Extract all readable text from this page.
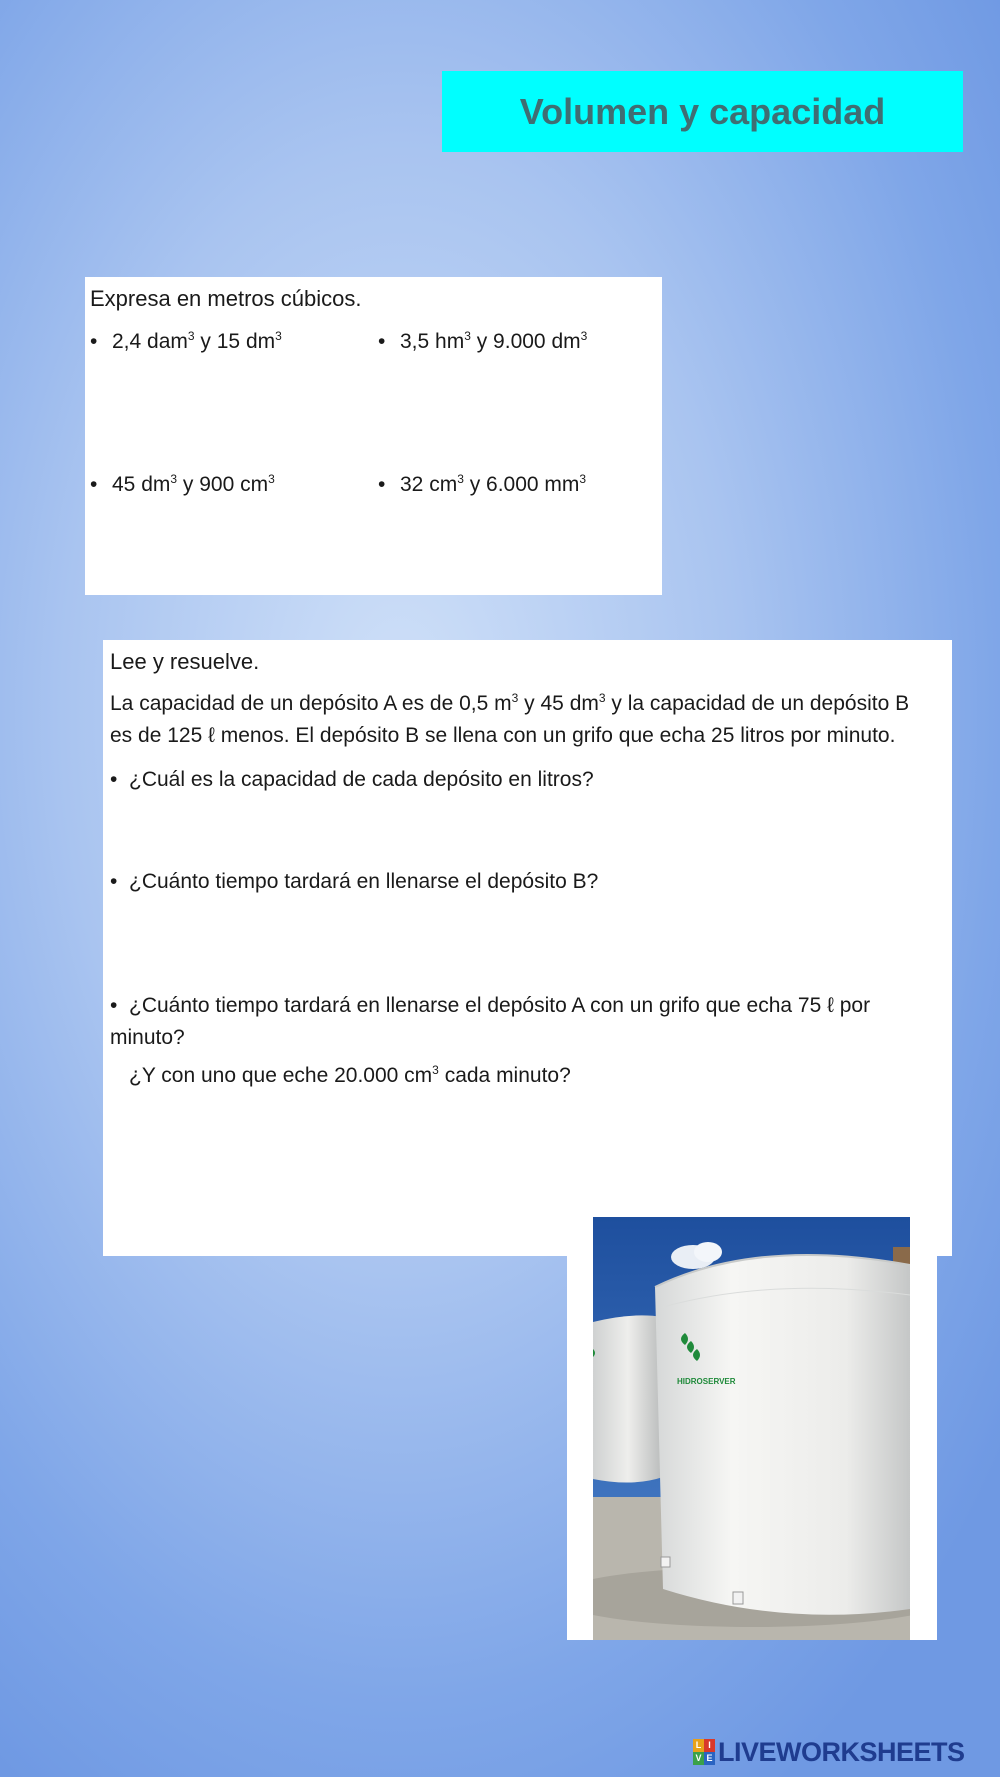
Volumen y capacidad
Expresa en metros cúbicos.
• 2,4 dam$^3$ y 15 $dm^3$	• 3,5 $hm^3$ y 9.000 $dm^3$
• 45 $dm^3$ y 900 $cm^3$	• 32 $cm^3$ y 6.000 $mm^3$
Lee y resuelve.
La capacidad de un depósito A es de 0,5 $m^3$ y 45 $dm^3$ y la capacidad de un depósito B
es de 125 ℓ menos. El depósito B se llena con un grifo que echa 25 litros por minuto.
• ¿Cuál es la capacidad de cada depósito en litros?
• ¿Cuánto tiempo tardará en llenarse el depósito B?
• ¿Cuánto tiempo tardará en llenarse el depósito A con un grifo que echa 75 ℓ por minuto?
¿Y con uno que eche 20.000 $cm^3$ cada minuto?
HIDROSERVER
L I
V E LIVEWORKSHEETS
